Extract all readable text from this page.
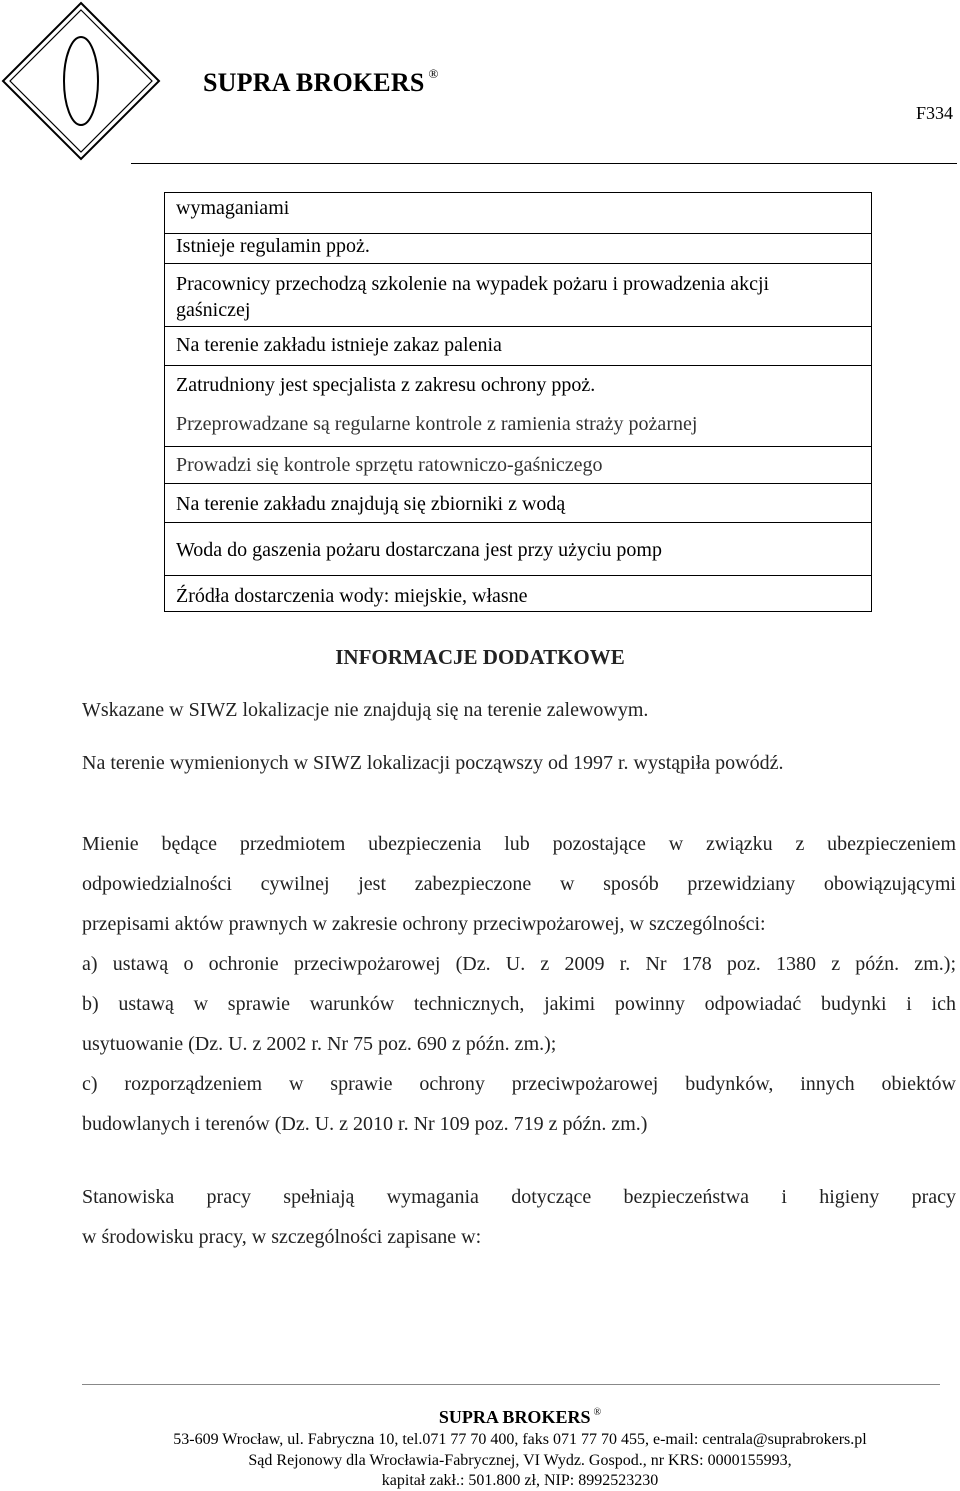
SUPRA BROKERS ®
F334
wymaganiami
Istnieje regulamin ppoż.
Pracownicy przechodzą szkolenie na wypadek pożaru i prowadzenia akcji
gaśniczej
Na terenie zakładu istnieje zakaz palenia
Zatrudniony jest specjalista z zakresu ochrony ppoż.
Przeprowadzane są regularne kontrole z ramienia straży pożarnej
Prowadzi się kontrole sprzętu ratowniczo-gaśniczego
Na terenie zakładu znajdują się zbiorniki z wodą
Woda do gaszenia pożaru dostarczana jest przy użyciu pomp
Źródła dostarczenia wody: miejskie, własne
INFORMACJE DODATKOWE
Wskazane w SIWZ lokalizacje nie znajdują się na terenie zalewowym.
Na terenie wymienionych w SIWZ lokalizacji począwszy od 1997 r. wystąpiła powódź.
Mienie będące przedmiotem ubezpieczenia lub pozostające w związku z ubezpieczeniem
odpowiedzialności cywilnej jest zabezpieczone w sposób przewidziany obowiązującymi
przepisami aktów prawnych w zakresie ochrony przeciwpożarowej, w szczególności:
a) ustawą o ochronie przeciwpożarowej (Dz. U. z 2009 r. Nr 178 poz. 1380 z późn. zm.);
b) ustawą w sprawie warunków technicznych, jakimi powinny odpowiadać budynki i ich
usytuowanie (Dz. U. z 2002 r. Nr 75 poz. 690 z późn. zm.);
c) rozporządzeniem w sprawie ochrony przeciwpożarowej budynków, innych obiektów
budowlanych i terenów (Dz. U. z 2010 r. Nr 109 poz. 719 z późn. zm.)
Stanowiska pracy spełniają wymagania dotyczące bezpieczeństwa i higieny pracy
w środowisku pracy, w szczególności zapisane w:
SUPRA BROKERS ®
53-609 Wrocław, ul. Fabryczna 10, tel.071 77 70 400, faks 071 77 70 455, e-mail: centrala@suprabrokers.pl
Sąd Rejonowy dla Wrocławia-Fabrycznej, VI Wydz. Gospod., nr KRS: 0000155993,
kapitał zakł.: 501.800 zł, NIP: 8992523230
